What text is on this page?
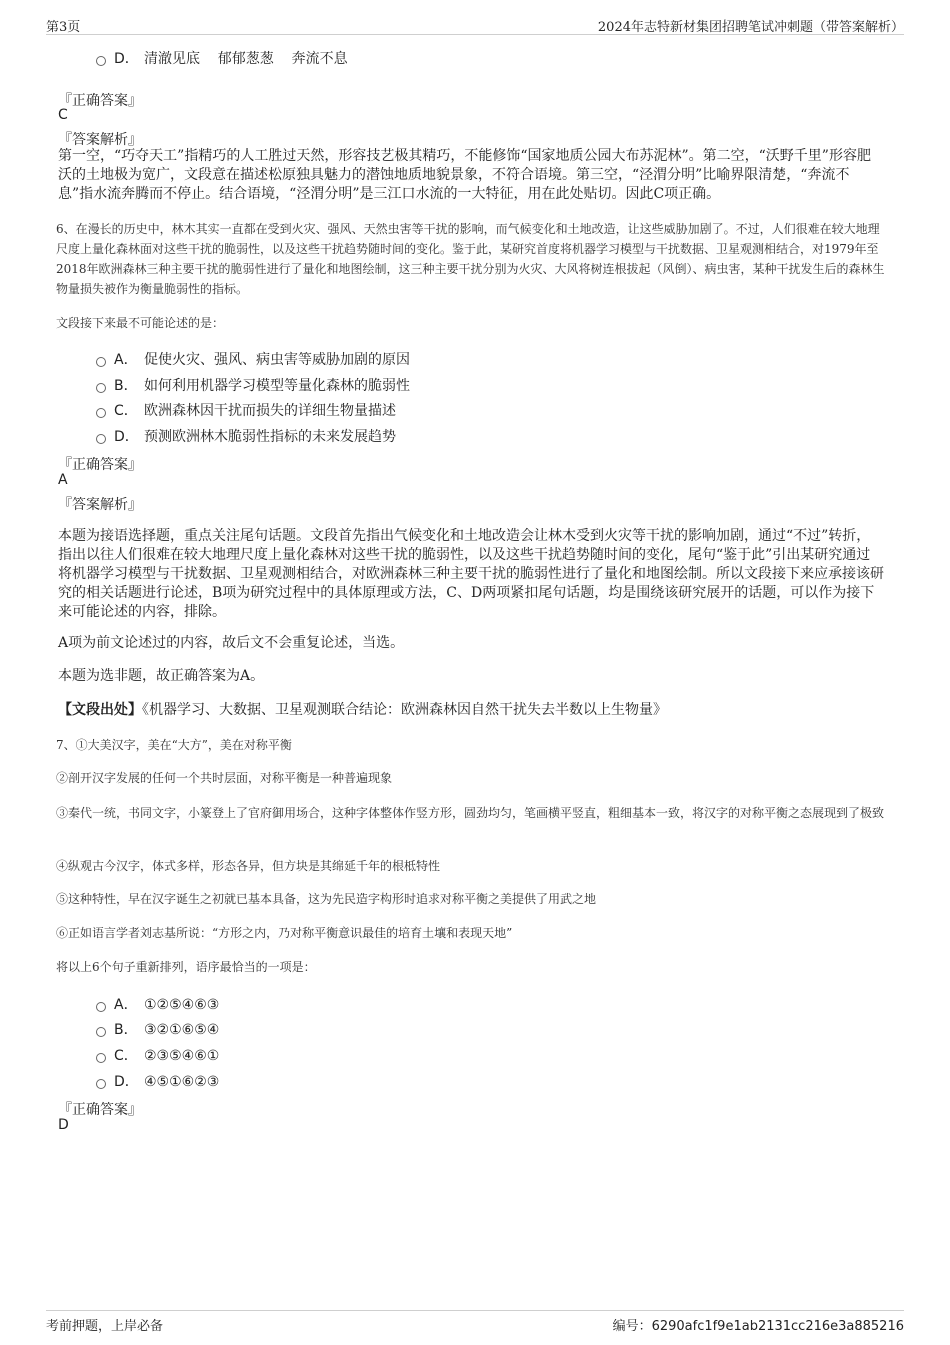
第3页	2024年志特新材集团招聘笔试冲刺题（带答案解析）
D． 清澈见底    郁郁葱葱    奔流不息
『正确答案』
C
『答案解析』
第一空，“巧夺天工”指精巧的人工胜过天然，形容技艺极其精巧，不能修饰“国家地质公园大布苏泥林”。第二空，“沃野千里”形容肥沃的土地极为宽广，文段意在描述松原独具魅力的潜蚀地质地貌景象，不符合语境。第三空，“泾渭分明”比喻界限清楚，“奔流不息”指水流奔腾而不停止。结合语境，“泾渭分明”是三江口水流的一大特征，用在此处贴切。因此C项正确。
6、在漫长的历史中，林木其实一直都在受到火灾、强风、天然虫害等干扰的影响，而气候变化和土地改造，让这些威胁加剧了。不过，人们很难在较大地理尺度上量化森林面对这些干扰的脆弱性，以及这些干扰趋势随时间的变化。鉴于此，某研究首度将机器学习模型与干扰数据、卫星观测相结合，对1979年至2018年欧洲森林三种主要干扰的脆弱性进行了量化和地图绘制，这三种主要干扰分别为火灾、大风将树连根拔起（风倒）、病虫害，某种干扰发生后的森林生物量损失被作为衡量脆弱性的指标。
文段接下来最不可能论述的是：
A． 促使火灾、强风、病虫害等威胁加剧的原因
B． 如何利用机器学习模型等量化森林的脆弱性
C． 欧洲森林因干扰而损失的详细生物量描述
D． 预测欧洲林木脆弱性指标的未来发展趋势
『正确答案』
A
『答案解析』
本题为接语选择题，重点关注尾句话题。文段首先指出气候变化和土地改造会让林木受到火灾等干扰的影响加剧，通过“不过”转折，指出以往人们很难在较大地理尺度上量化森林对这些干扰的脆弱性，以及这些干扰趋势随时间的变化，尾句“鉴于此”引出某研究通过将机器学习模型与干扰数据、卫星观测相结合，对欧洲森林三种主要干扰的脆弱性进行了量化和地图绘制。所以文段接下来应承接该研究的相关话题进行论述，B项为研究过程中的具体原理或方法，C、D两项紧扣尾句话题，均是围绕该研究展开的话题，可以作为接下来可能论述的内容，排除。
A项为前文论述过的内容，故后文不会重复论述，当选。
本题为选非题，故正确答案为A。
【文段出处】《机器学习、大数据、卫星观测联合结论：欧洲森林因自然干扰失去半数以上生物量》
7、①大美汉字，美在“大方”，美在对称平衡
②剖开汉字发展的任何一个共时层面，对称平衡是一种普遍现象
③秦代一统，书同文字，小篆登上了官府御用场合，这种字体整体作竖方形，圆劲均匀，笔画横平竖直，粗细基本一致，将汉字的对称平衡之态展现到了极致
④纵观古今汉字，体式多样，形态各异，但方块是其绵延千年的根柢特性
⑤这种特性，早在汉字诞生之初就已基本具备，这为先民造字构形时追求对称平衡之美提供了用武之地
⑥正如语言学者刘志基所说：“方形之内，乃对称平衡意识最佳的培育土壤和表现天地”
将以上6个句子重新排列，语序最恰当的一项是：
A． ①②⑤④⑥③
B． ③②①⑥⑤④
C． ②③⑤④⑥①
D． ④⑤①⑥②③
『正确答案』
D
考前押题，上岸必备	编号：6290afc1f9e1ab2131cc216e3a885216
